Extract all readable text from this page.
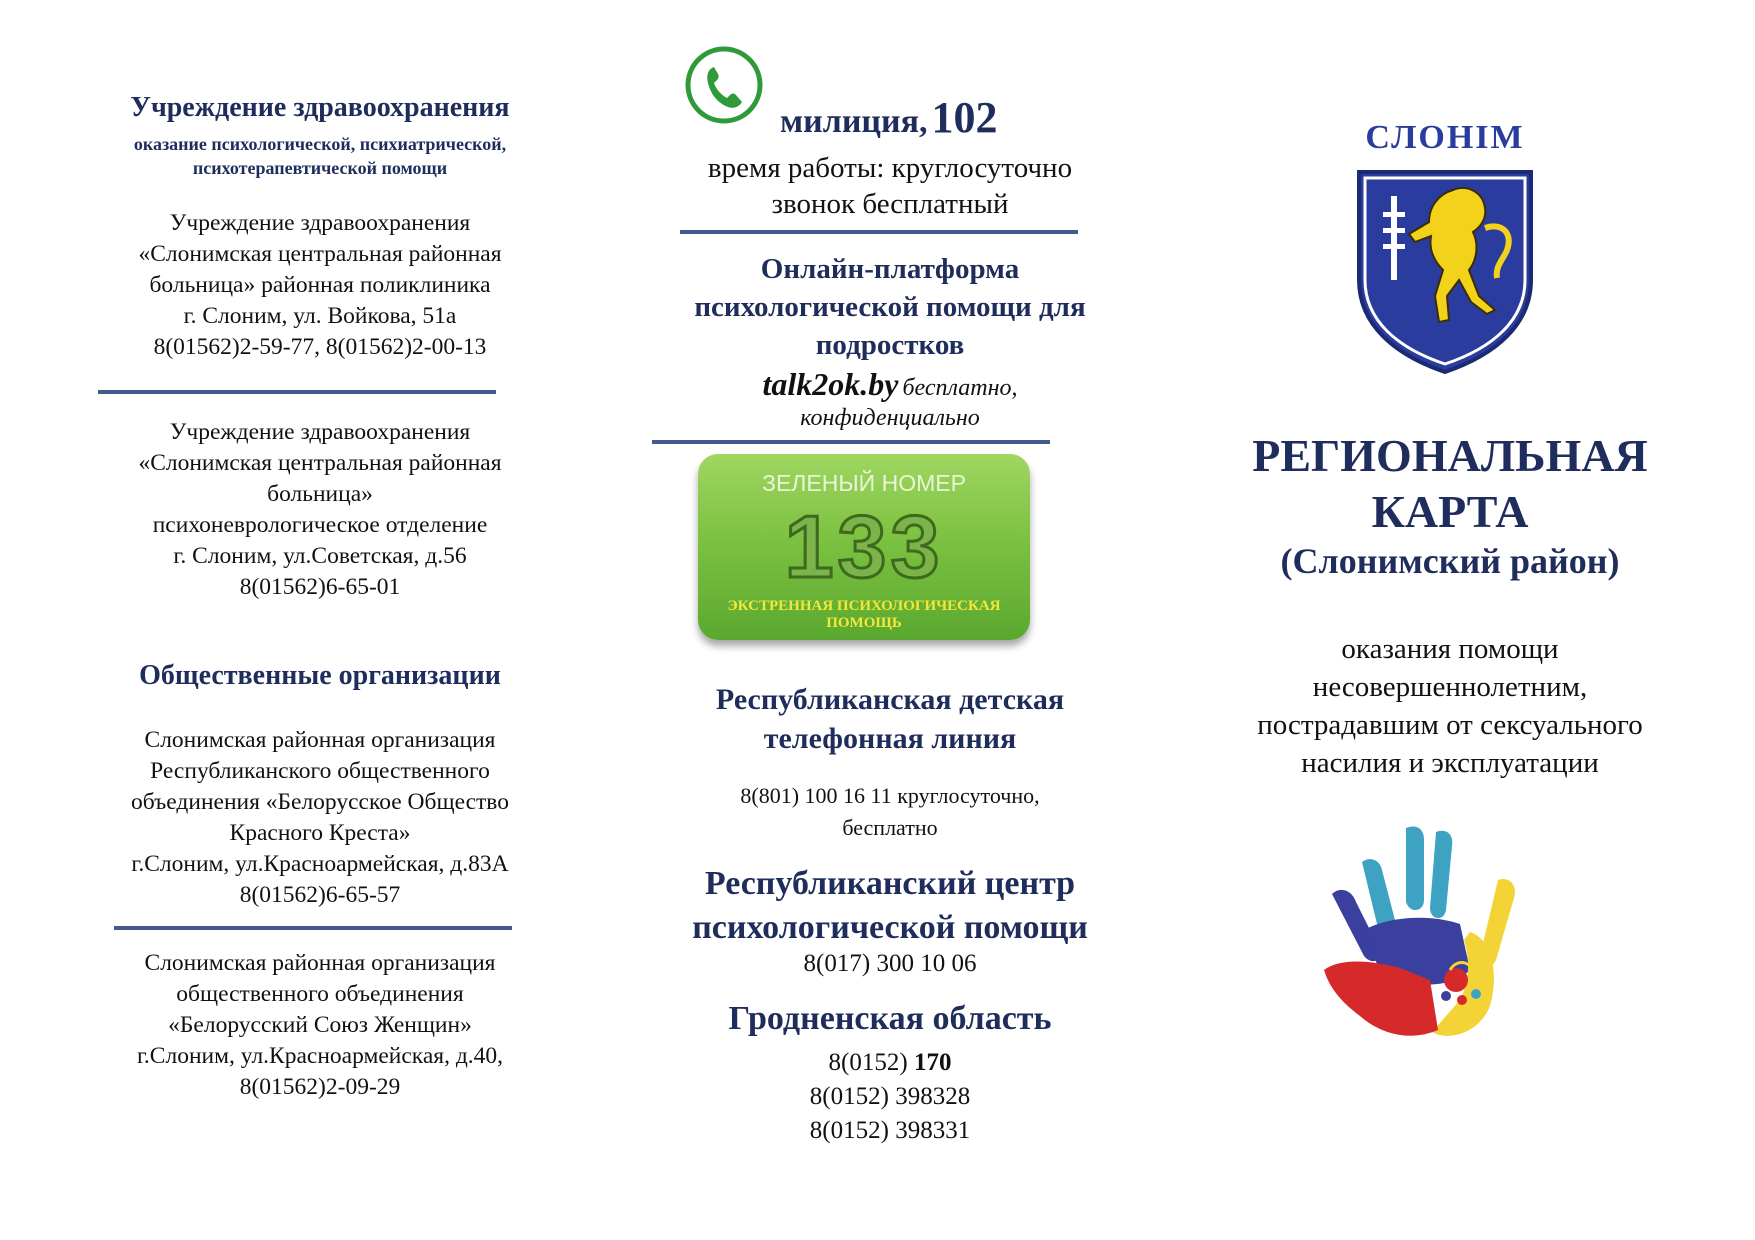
Учреждение здравоохранения
оказание психологической, психиатрической,
психотерапевтической помощи
Учреждение здравоохранения
«Слонимская центральная районная
больница» районная поликлиника
г. Слоним, ул. Войкова, 51а
8(01562)2-59-77, 8(01562)2-00-13
Учреждение здравоохранения
«Слонимская центральная районная
больница»
психоневрологическое отделение
г. Слоним, ул.Советская, д.56
8(01562)6-65-01
Общественные организации
Слонимская районная организация
Республиканского общественного
объединения «Белорусское Общество
Красного Креста»
г.Слоним, ул.Красноармейская, д.83А
8(01562)6-65-57
Слонимская районная организация
общественного объединения
«Белорусский Союз Женщин»
г.Слоним, ул.Красноармейская, д.40,
8(01562)2-09-29
милиция, 102
время работы: круглосуточно
звонок бесплатный
Онлайн-платформа
психологической помощи для
подростков
talk2ok.by бесплатно,
конфиденциально
ЗЕЛЕНЫЙ НОМЕР
133
ЭКСТРЕННАЯ ПСИХОЛОГИЧЕСКАЯ
ПОМОЩЬ
Республиканская детская
телефонная линия
8(801) 100 16 11 круглосуточно,
бесплатно
Республиканский центр
психологической помощи
8(017) 300 10 06
Гродненская область
8(0152) 170
8(0152) 398328
8(0152) 398331
СЛОНІМ
РЕГИОНАЛЬНАЯ
КАРТА
(Слонимский район)
оказания помощи
несовершеннолетним,
пострадавшим от сексуального
насилия и эксплуатации
